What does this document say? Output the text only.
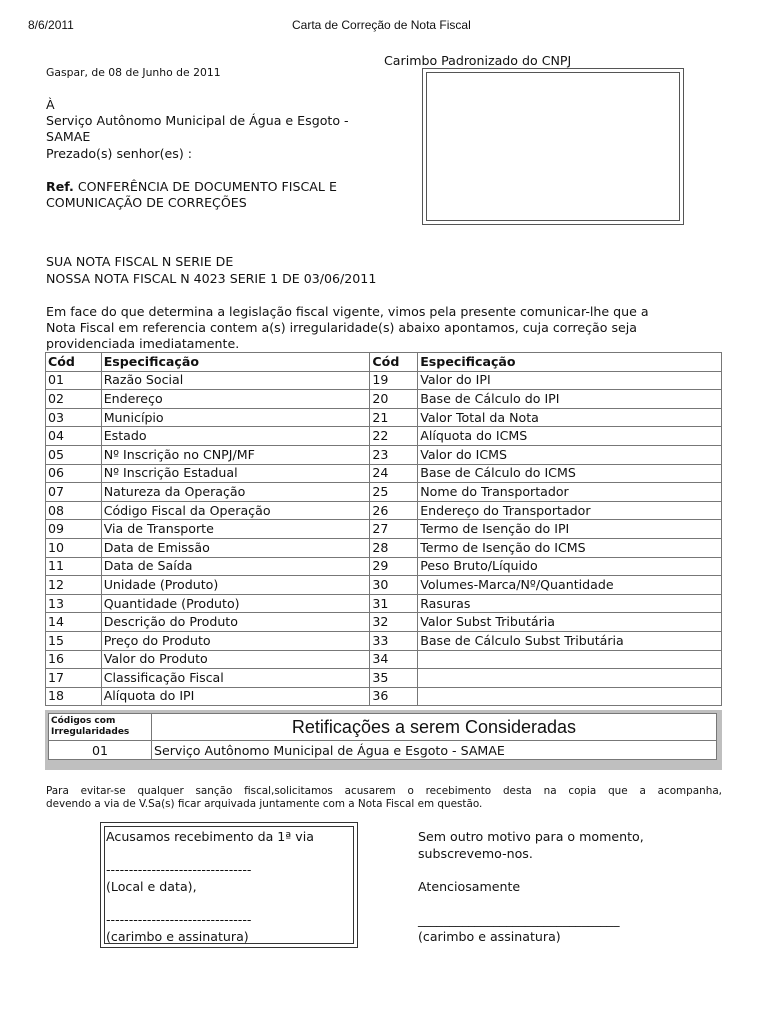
8/6/2011	Carta de Correção de Nota Fiscal
Gaspar, de 08 de Junho de 2011
Carimbo Padronizado do CNPJ
À
Serviço Autônomo Municipal de Água e Esgoto -
SAMAE
Prezado(s) senhor(es) :
Ref. CONFERÊNCIA DE DOCUMENTO FISCAL E
COMUNICAÇÃO DE CORREÇÕES
SUA NOTA FISCAL N SERIE DE
NOSSA NOTA FISCAL N 4023 SERIE 1 DE 03/06/2011
Em face do que determina a legislação fiscal vigente, vimos pela presente comunicar-lhe que a
Nota Fiscal em referencia contem a(s) irregularidade(s) abaixo apontamos, cuja correção seja
providenciada imediatamente.
Cód	Especificação	Cód	Especificação
01	Razão Social	19	Valor do IPI
02	Endereço	20	Base de Cálculo do IPI
03	Município	21	Valor Total da Nota
04	Estado	22	Alíquota do ICMS
05	Nº Inscrição no CNPJ/MF	23	Valor do ICMS
06	Nº Inscrição Estadual	24	Base de Cálculo do ICMS
07	Natureza da Operação	25	Nome do Transportador
08	Código Fiscal da Operação	26	Endereço do Transportador
09	Via de Transporte	27	Termo de Isenção do IPI
10	Data de Emissão	28	Termo de Isenção do ICMS
11	Data de Saída	29	Peso Bruto/Líquido
12	Unidade (Produto)	30	Volumes-Marca/Nº/Quantidade
13	Quantidade (Produto)	31	Rasuras
14	Descrição do Produto	32	Valor Subst Tributária
15	Preço do Produto	33	Base de Cálculo Subst Tributária
16	Valor do Produto	34	
17	Classificação Fiscal	35	
18	Alíquota do IPI	36	
Códigos com
Irregularidades	Retificações a serem Consideradas
01	Serviço Autônomo Municipal de Água e Esgoto - SAMAE
Para evitar-se qualquer sanção fiscal,solicitamos acusarem o recebimento desta na copia que a acompanha,
devendo a via de V.Sa(s) ficar arquivada juntamente com a Nota Fiscal em questão.
Acusamos recebimento da 1ª via
--------------------------------
(Local e data),
--------------------------------
(carimbo e assinatura)
Sem outro motivo para o momento,
subscrevemo-nos.
Atenciosamente
________________________________
(carimbo e assinatura)
